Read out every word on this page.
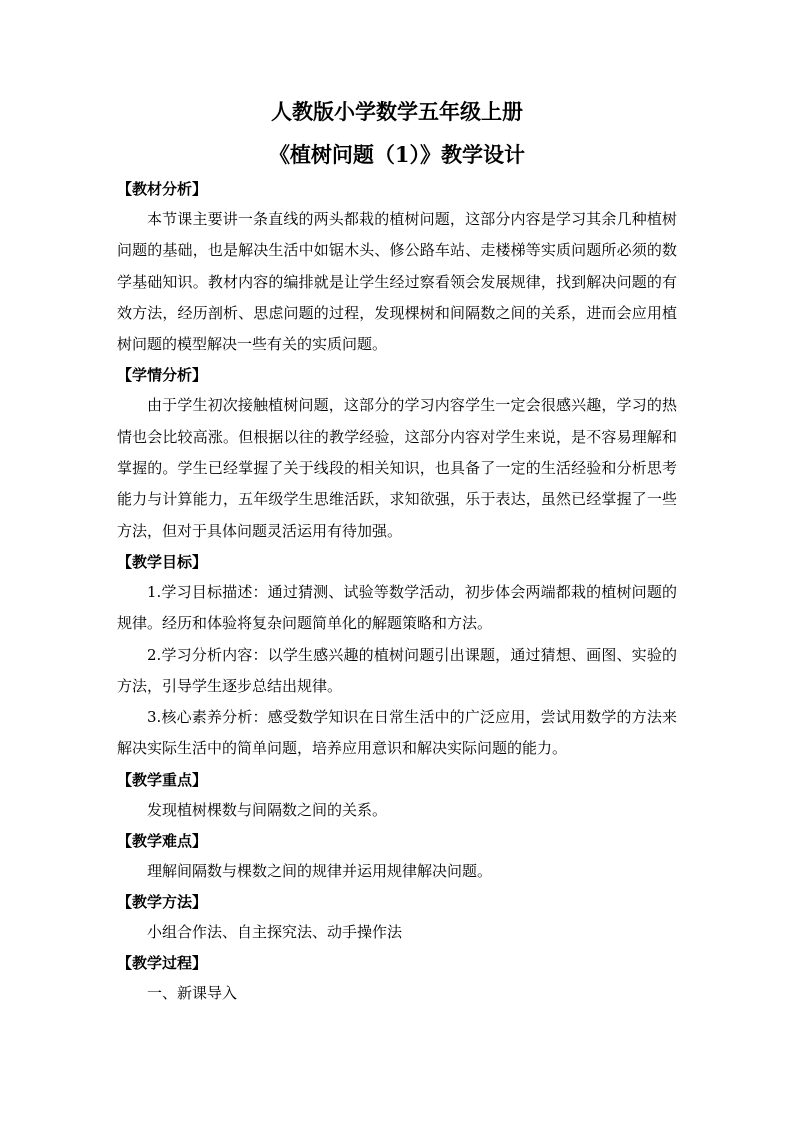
人教版小学数学五年级上册
《植树问题（1）》教学设计
【教材分析】

本节课主要讲一条直线的两头都栽的植树问题，这部分内容是学习其余几种植树问题的基础，也是解决生活中如锯木头、修公路车站、走楼梯等实质问题所必须的数学基础知识。教材内容的编排就是让学生经过察看领会发展规律，找到解决问题的有效方法，经历剖析、思虑问题的过程，发现棵树和间隔数之间的关系，进而会应用植树问题的模型解决一些有关的实质问题。

【学情分析】

由于学生初次接触植树问题，这部分的学习内容学生一定会很感兴趣，学习的热情也会比较高涨。但根据以往的教学经验，这部分内容对学生来说，是不容易理解和掌握的。学生已经掌握了关于线段的相关知识，也具备了一定的生活经验和分析思考能力与计算能力，五年级学生思维活跃，求知欲强，乐于表达，虽然已经掌握了一些方法，但对于具体问题灵活运用有待加强。

【教学目标】

1.学习目标描述：通过猜测、试验等数学活动，初步体会两端都栽的植树问题的规律。经历和体验将复杂问题简单化的解题策略和方法。

2.学习分析内容：以学生感兴趣的植树问题引出课题，通过猜想、画图、实验的方法，引导学生逐步总结出规律。

3.核心素养分析：感受数学知识在日常生活中的广泛应用，尝试用数学的方法来解决实际生活中的简单问题，培养应用意识和解决实际问题的能力。

【教学重点】

发现植树棵数与间隔数之间的关系。

【教学难点】

理解间隔数与棵数之间的规律并运用规律解决问题。

【教学方法】

小组合作法、自主探究法、动手操作法

【教学过程】

一、新课导入
